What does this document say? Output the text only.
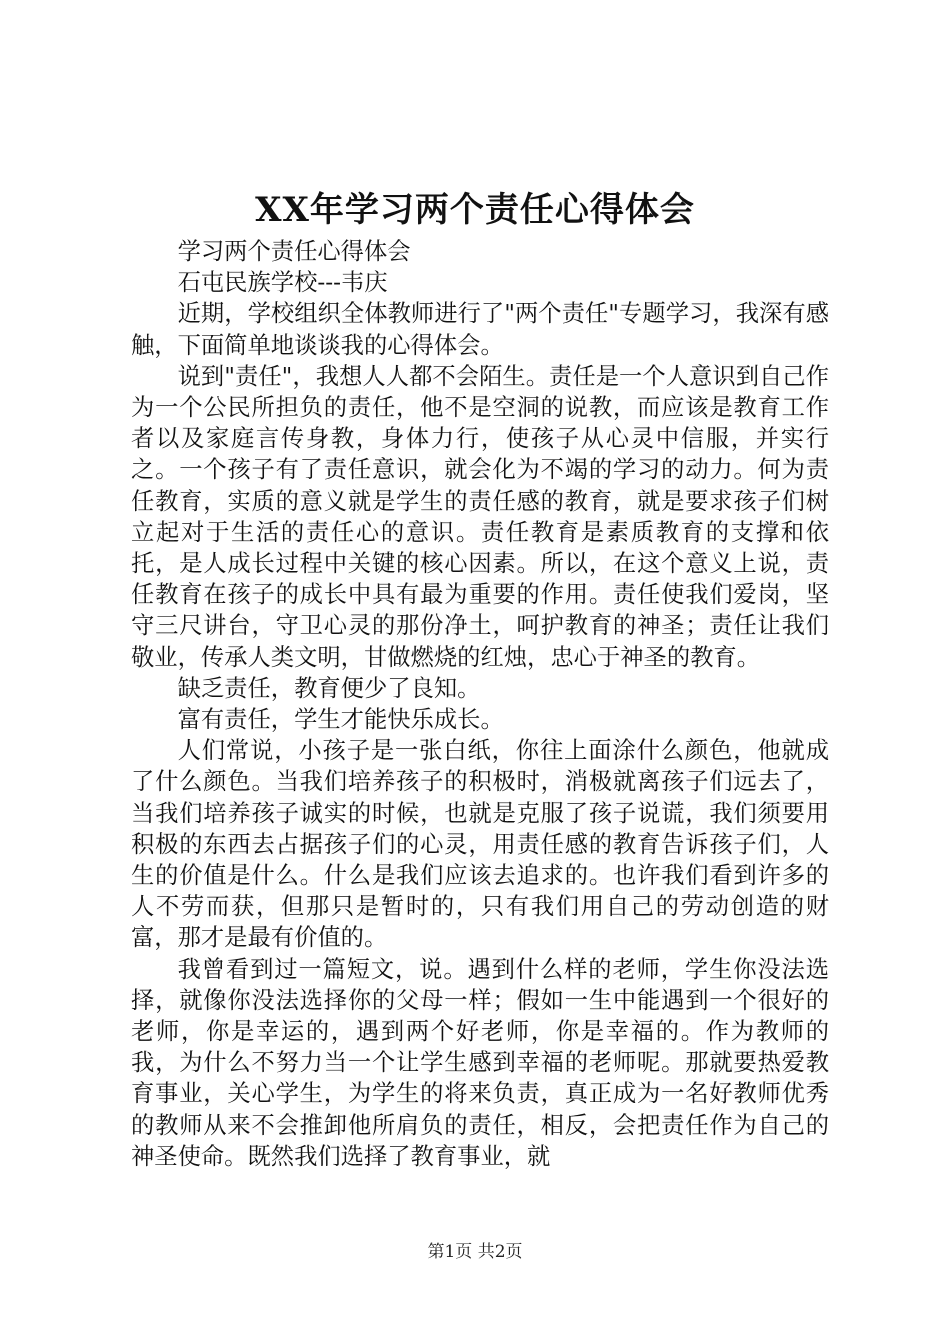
XX年学习两个责任心得体会

学习两个责任心得体会

石屯民族学校---韦庆

近期，学校组织全体教师进行了"两个责任"专题学习，我深有感触，下面简单地谈谈我的心得体会。

说到"责任"，我想人人都不会陌生。责任是一个人意识到自己作为一个公民所担负的责任，他不是空洞的说教，而应该是教育工作者以及家庭言传身教，身体力行，使孩子从心灵中信服，并实行之。一个孩子有了责任意识，就会化为不竭的学习的动力。何为责任教育，实质的意义就是学生的责任感的教育，就是要求孩子们树立起对于生活的责任心的意识。责任教育是素质教育的支撑和依托，是人成长过程中关键的核心因素。所以，在这个意义上说，责任教育在孩子的成长中具有最为重要的作用。责任使我们爱岗，坚守三尺讲台，守卫心灵的那份净土，呵护教育的神圣；责任让我们敬业，传承人类文明，甘做燃烧的红烛，忠心于神圣的教育。

缺乏责任，教育便少了良知。

富有责任，学生才能快乐成长。

人们常说，小孩子是一张白纸，你往上面涂什么颜色，他就成了什么颜色。当我们培养孩子的积极时，消极就离孩子们远去了，当我们培养孩子诚实的时候，也就是克服了孩子说谎，我们须要用积极的东西去占据孩子们的心灵，用责任感的教育告诉孩子们，人生的价值是什么。什么是我们应该去追求的。也许我们看到许多的人不劳而获，但那只是暂时的，只有我们用自己的劳动创造的财富，那才是最有价值的。

我曾看到过一篇短文，说。遇到什么样的老师，学生你没法选择，就像你没法选择你的父母一样；假如一生中能遇到一个很好的老师，你是幸运的，遇到两个好老师，你是幸福的。作为教师的我，为什么不努力当一个让学生感到幸福的老师呢。那就要热爱教育事业，关心学生，为学生的将来负责，真正成为一名好教师优秀的教师从来不会推卸他所肩负的责任，相反，会把责任作为自己的神圣使命。既然我们选择了教育事业，就

第1页 共2页
